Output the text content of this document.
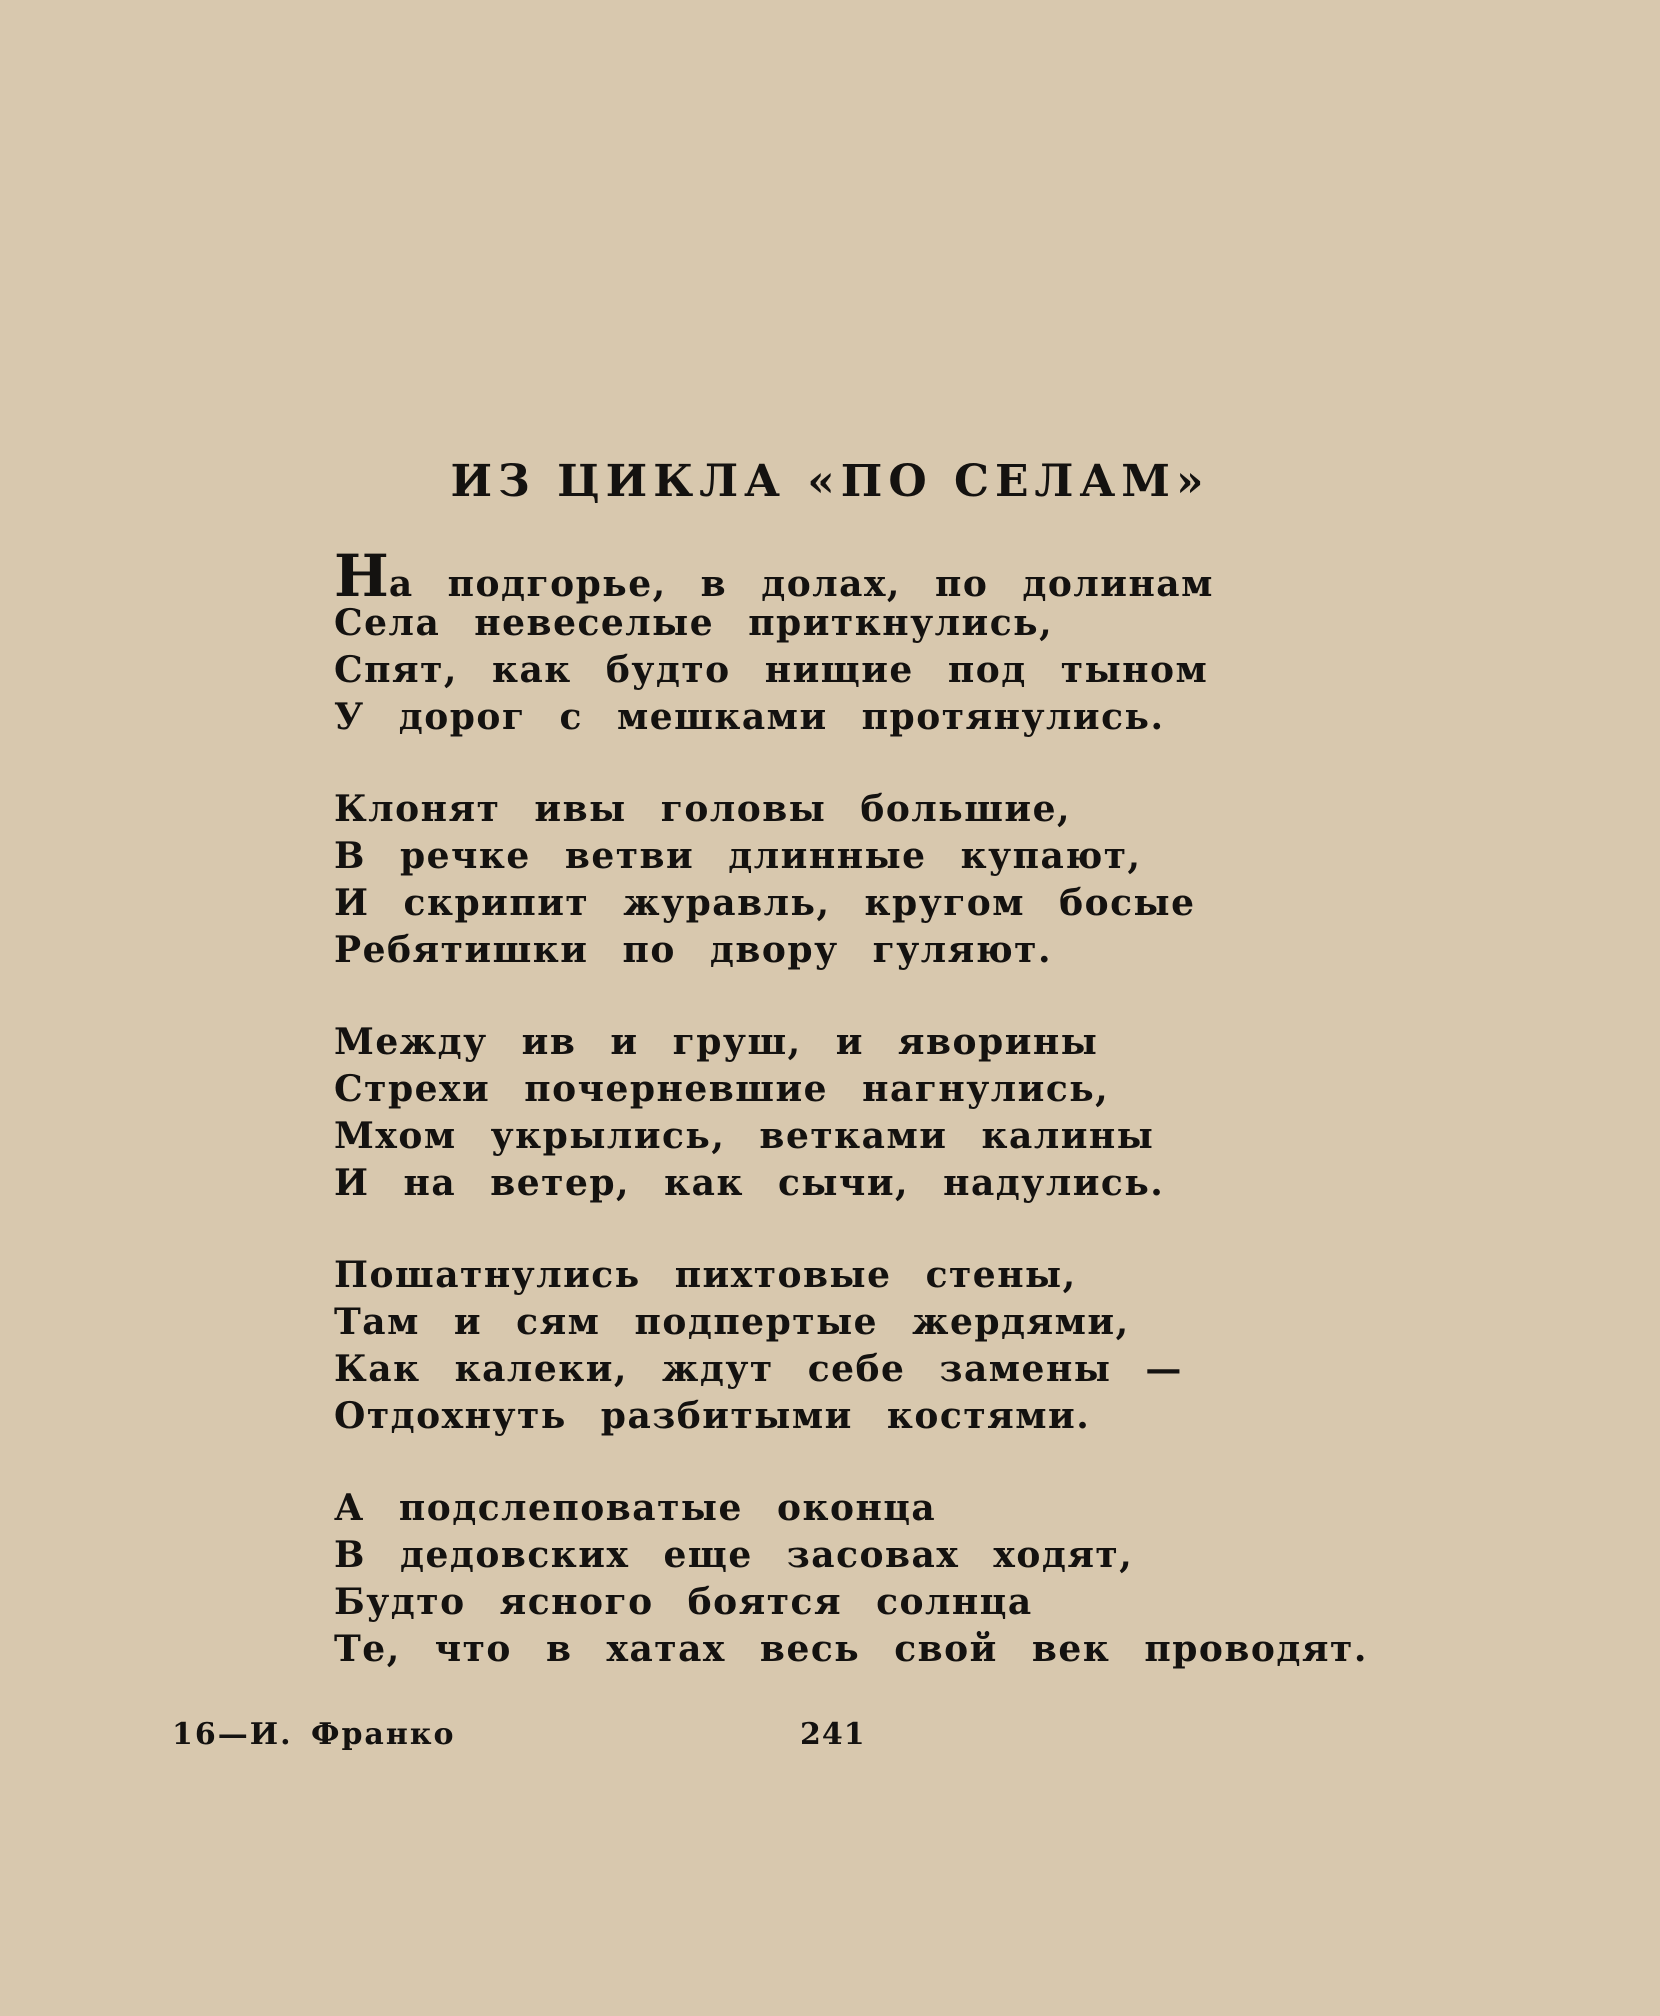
ИЗ ЦИКЛА «ПО СЕЛАМ»
На подгорье, в долах, по долинам
Села невеселые приткнулись,
Спят, как будто нищие под тыном
У дорог с мешками протянулись.
Клонят ивы головы большие,
В речке ветви длинные купают,
И скрипит журавль, кругом босые
Ребятишки по двору гуляют.
Между ив и груш, и яворины
Стрехи почерневшие нагнулись,
Мхом укрылись, ветками калины
И на ветер, как сычи, надулись.
Пошатнулись пихтовые стены,
Там и сям подпертые жердями,
Как калеки, ждут себе замены —
Отдохнуть разбитыми костями.
А подслеповатые оконца
В дедовских еще засовах ходят,
Будто ясного боятся солнца
Те, что в хатах весь свой век проводят.

16—И. Франко	241
